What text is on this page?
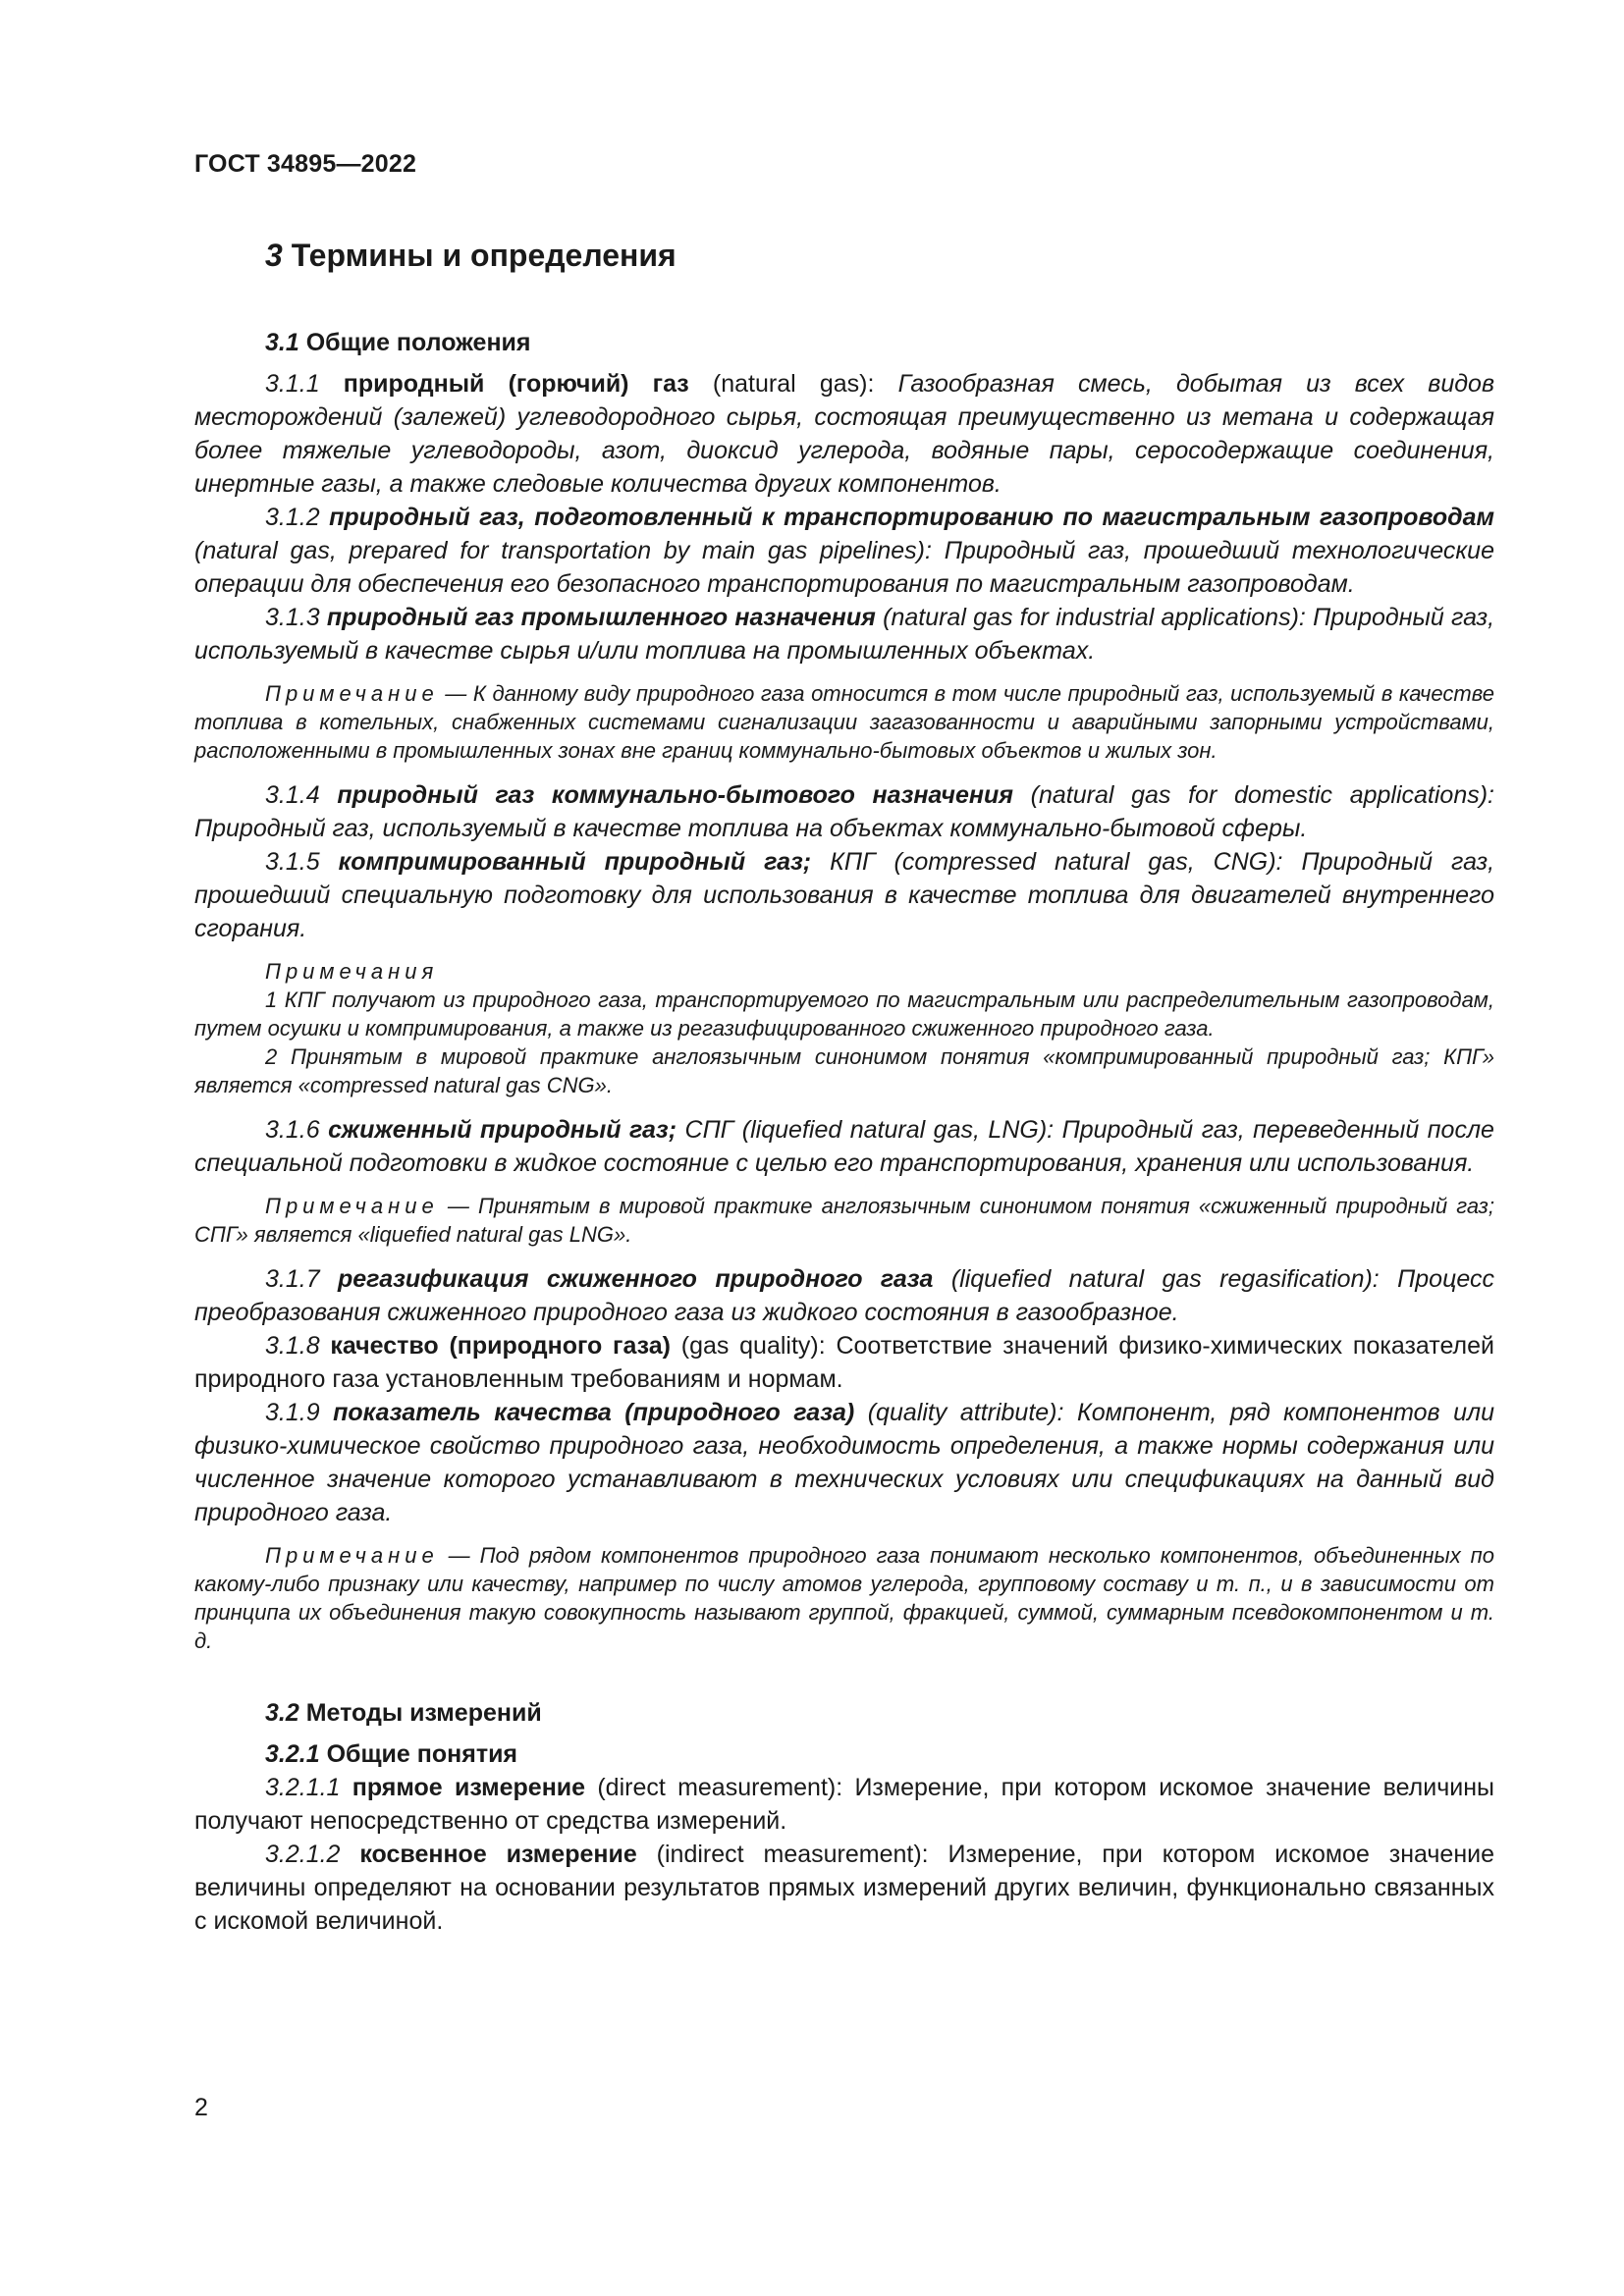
ГОСТ 34895—2022
3 Термины и определения
3.1 Общие положения

3.1.1 природный (горючий) газ (natural gas): Газообразная смесь, добытая из всех видов месторождений (залежей) углеводородного сырья, состоящая преимущественно из метана и содержащая более тяжелые углеводороды, азот, диоксид углерода, водяные пары, серосодержащие соединения, инертные газы, а также следовые количества других компонентов.

3.1.2 природный газ, подготовленный к транспортированию по магистральным газопроводам (natural gas, prepared for transportation by main gas pipelines): Природный газ, прошедший технологические операции для обеспечения его безопасного транспортирования по магистральным газопроводам.

3.1.3 природный газ промышленного назначения (natural gas for industrial applications): Природный газ, используемый в качестве сырья и/или топлива на промышленных объектах.

Примечание — К данному виду природного газа относится в том числе природный газ, используемый в качестве топлива в котельных, снабженных системами сигнализации загазованности и аварийными запорными устройствами, расположенными в промышленных зонах вне границ коммунально-бытовых объектов и жилых зон.

3.1.4 природный газ коммунально-бытового назначения (natural gas for domestic applications): Природный газ, используемый в качестве топлива на объектах коммунально-бытовой сферы.

3.1.5 компримированный природный газ; КПГ (compressed natural gas, CNG): Природный газ, прошедший специальную подготовку для использования в качестве топлива для двигателей внутреннего сгорания.

Примечания

1 КПГ получают из природного газа, транспортируемого по магистральным или распределительным газопроводам, путем осушки и компримирования, а также из регазифицированного сжиженного природного газа.

2 Принятым в мировой практике англоязычным синонимом понятия «компримированный природный газ; КПГ» является «compressed natural gas CNG».

3.1.6 сжиженный природный газ; СПГ (liquefied natural gas, LNG): Природный газ, переведенный после специальной подготовки в жидкое состояние с целью его транспортирования, хранения или использования.

Примечание — Принятым в мировой практике англоязычным синонимом понятия «сжиженный природный газ; СПГ» является «liquefied natural gas LNG».

3.1.7 регазификация сжиженного природного газа (liquefied natural gas regasification): Процесс преобразования сжиженного природного газа из жидкого состояния в газообразное.

3.1.8 качество (природного газа) (gas quality): Соответствие значений физико-химических показателей природного газа установленным требованиям и нормам.

3.1.9 показатель качества (природного газа) (quality attribute): Компонент, ряд компонентов или физико-химическое свойство природного газа, необходимость определения, а также нормы содержания или численное значение которого устанавливают в технических условиях или спецификациях на данный вид природного газа.

Примечание — Под рядом компонентов природного газа понимают несколько компонентов, объединенных по какому-либо признаку или качеству, например по числу атомов углерода, групповому составу и т. п., и в зависимости от принципа их объединения такую совокупность называют группой, фракцией, суммой, суммарным псевдокомпонентом и т. д.

3.2 Методы измерений
3.2.1 Общие понятия

3.2.1.1 прямое измерение (direct measurement): Измерение, при котором искомое значение величины получают непосредственно от средства измерений.

3.2.1.2 косвенное измерение (indirect measurement): Измерение, при котором искомое значение величины определяют на основании результатов прямых измерений других величин, функционально связанных с искомой величиной.

2
